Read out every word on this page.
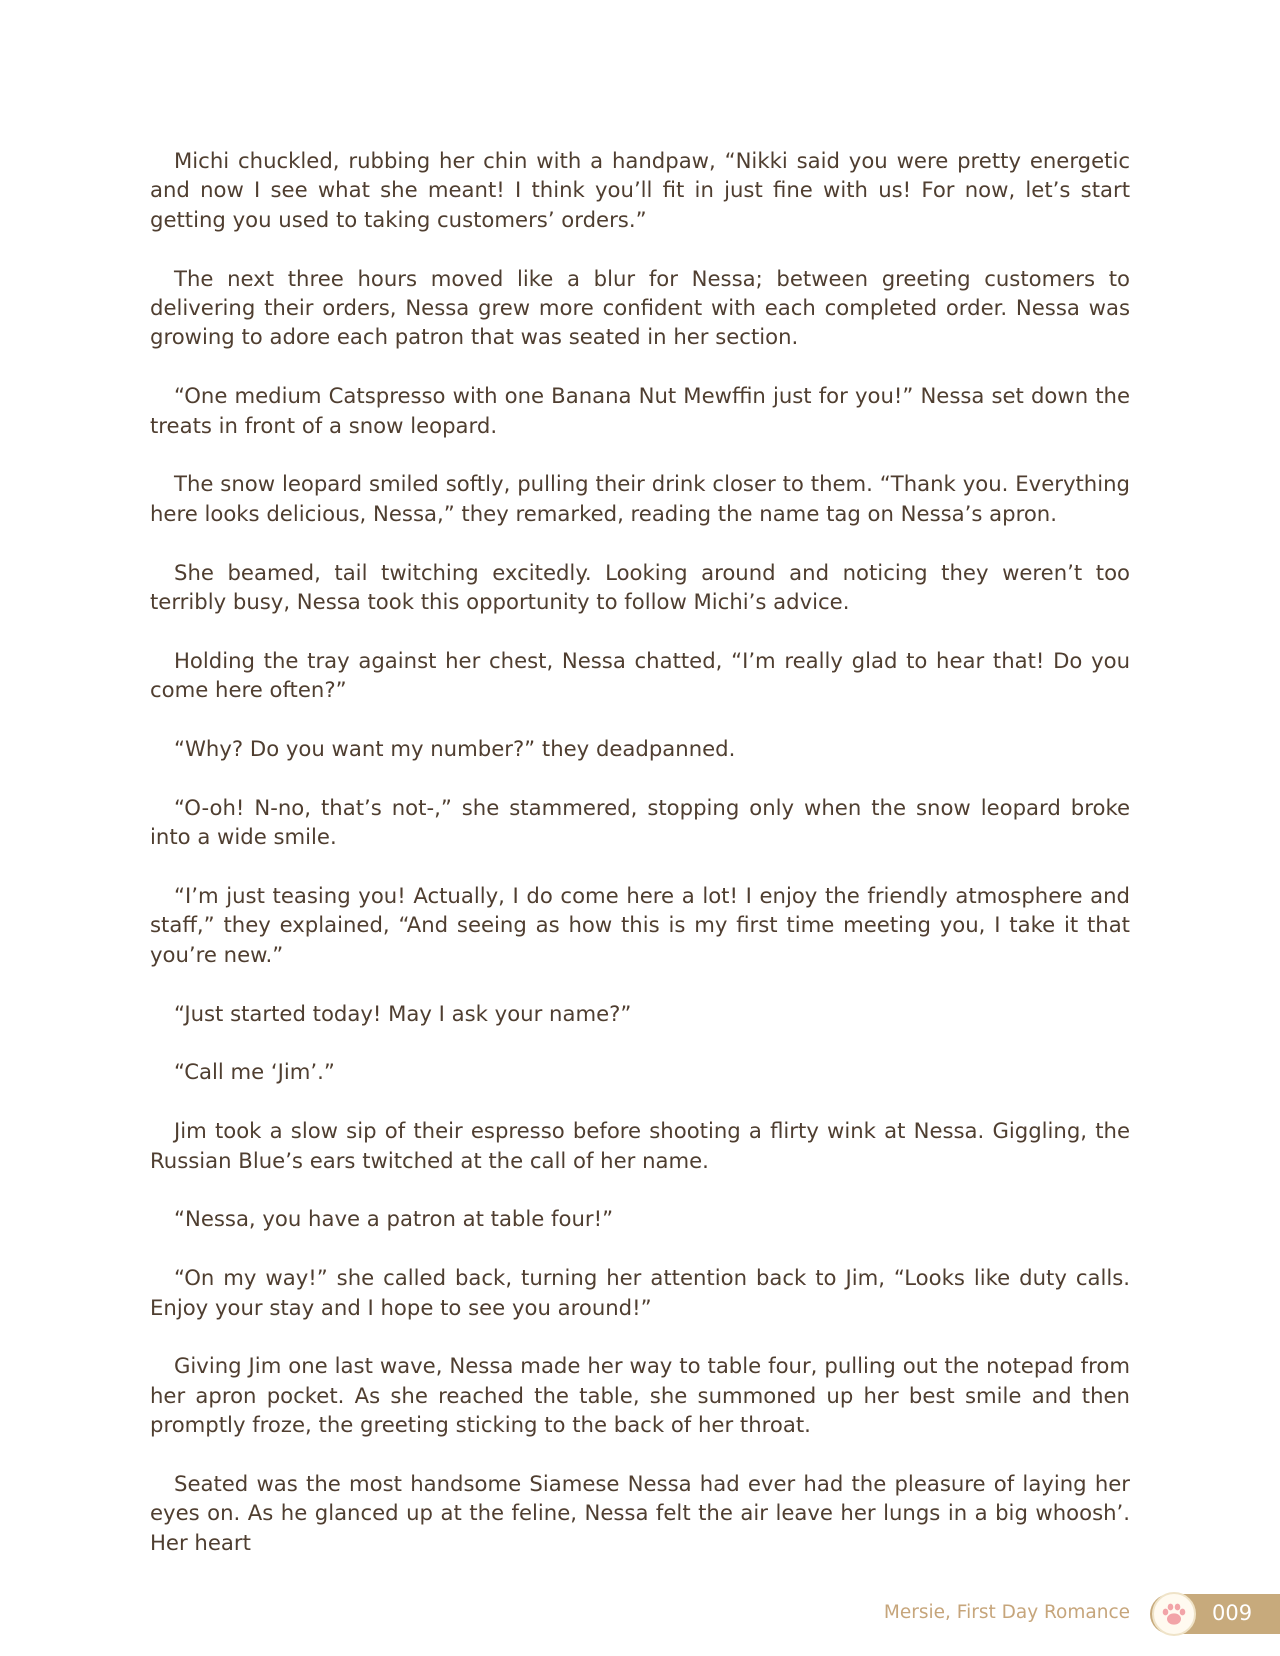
Michi chuckled, rubbing her chin with a handpaw, “Nikki said you were pretty energetic and now I see what she meant! I think you’ll fit in just fine with us! For now, let’s start getting you used to taking customers’ orders.”

The next three hours moved like a blur for Nessa; between greeting customers to delivering their orders, Nessa grew more confident with each completed order. Nessa was growing to adore each patron that was seated in her section.

“One medium Catspresso with one Banana Nut Mewffin just for you!” Nessa set down the treats in front of a snow leopard.

The snow leopard smiled softly, pulling their drink closer to them. “Thank you. Everything here looks delicious, Nessa,” they remarked, reading the name tag on Nessa’s apron.

She beamed, tail twitching excitedly. Looking around and noticing they weren’t too terribly busy, Nessa took this opportunity to follow Michi’s advice.

Holding the tray against her chest, Nessa chatted, “I’m really glad to hear that! Do you come here often?”

“Why? Do you want my number?” they deadpanned.

“O-oh! N-no, that’s not-,” she stammered, stopping only when the snow leopard broke into a wide smile.

“I’m just teasing you! Actually, I do come here a lot! I enjoy the friendly atmosphere and staff,” they explained, “And seeing as how this is my first time meeting you, I take it that you’re new.”

“Just started today! May I ask your name?”

“Call me ‘Jim’.”

Jim took a slow sip of their espresso before shooting a flirty wink at Nessa. Giggling, the Russian Blue’s ears twitched at the call of her name.

“Nessa, you have a patron at table four!”

“On my way!” she called back, turning her attention back to Jim, “Looks like duty calls. Enjoy your stay and I hope to see you around!”

Giving Jim one last wave, Nessa made her way to table four, pulling out the notepad from her apron pocket. As she reached the table, she summoned up her best smile and then promptly froze, the greeting sticking to the back of her throat.

Seated was the most handsome Siamese Nessa had ever had the pleasure of laying her eyes on. As he glanced up at the feline, Nessa felt the air leave her lungs in a big whoosh’. Her heart

Mersie, First Day Romance	009
